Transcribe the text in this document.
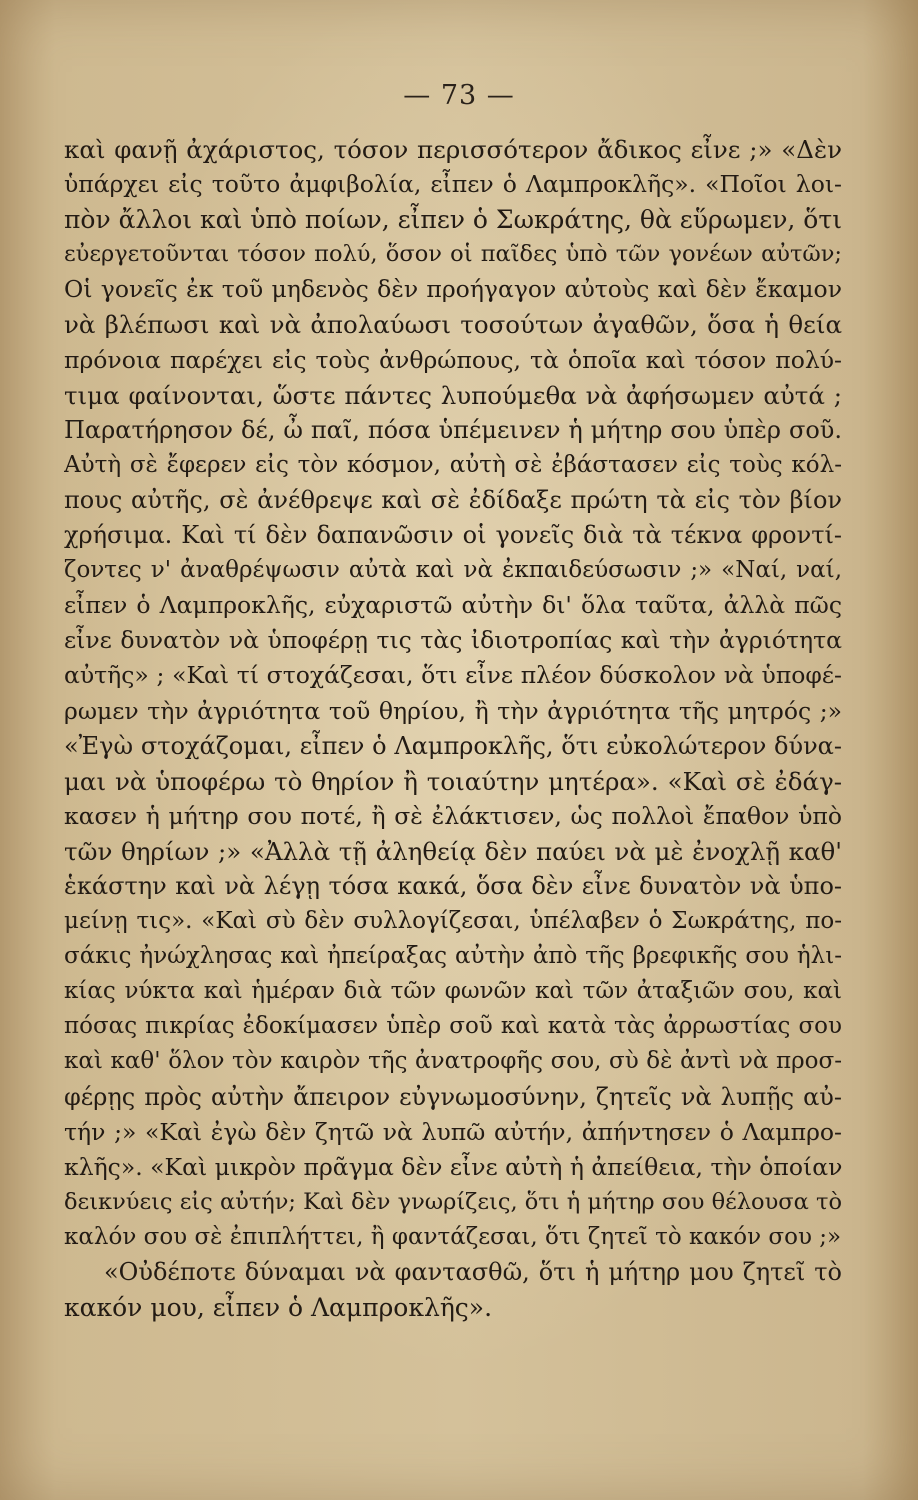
— 73 —
καὶ φανῇ ἀχάριστος, τόσον περισσότερον ἄδικος εἶνε ;» «Δὲν
ὑπάρχει εἰς τοῦτο ἀμφιβολία, εἶπεν ὁ Λαμπροκλῆς». «Ποῖοι λοι-
πὸν ἄλλοι καὶ ὑπὸ ποίων, εἶπεν ὁ Σωκράτης, θὰ εὕρωμεν, ὅτι
εὐεργετοῦνται τόσον πολύ, ὅσον οἱ παῖδες ὑπὸ τῶν γονέων αὐτῶν;
Οἱ γονεῖς ἐκ τοῦ μηδενὸς δὲν προήγαγον αὐτοὺς καὶ δὲν ἔκαμον
νὰ βλέπωσι καὶ νὰ ἀπολαύωσι τοσούτων ἀγαθῶν, ὅσα ἡ θεία
πρόνοια παρέχει εἰς τοὺς ἀνθρώπους, τὰ ὁποῖα καὶ τόσον πολύ-
τιμα φαίνονται, ὥστε πάντες λυπούμεθα νὰ ἀφήσωμεν αὐτά ;
Παρατήρησον δέ, ὦ παῖ, πόσα ὑπέμεινεν ἡ μήτηρ σου ὑπὲρ σοῦ.
Αὐτὴ σὲ ἔφερεν εἰς τὸν κόσμον, αὐτὴ σὲ ἐβάστασεν εἰς τοὺς κόλ-
πους αὐτῆς, σὲ ἀνέθρεψε καὶ σὲ ἐδίδαξε πρώτη τὰ εἰς τὸν βίον
χρήσιμα. Καὶ τί δὲν δαπανῶσιν οἱ γονεῖς διὰ τὰ τέκνα φροντί-
ζοντες ν' ἀναθρέψωσιν αὐτὰ καὶ νὰ ἐκπαιδεύσωσιν ;» «Ναί, ναί,
εἶπεν ὁ Λαμπροκλῆς, εὐχαριστῶ αὐτὴν δι' ὅλα ταῦτα, ἀλλὰ πῶς
εἶνε δυνατὸν νὰ ὑποφέρῃ τις τὰς ἰδιοτροπίας καὶ τὴν ἀγριότητα
αὐτῆς» ; «Καὶ τί στοχάζεσαι, ὅτι εἶνε πλέον δύσκολον νὰ ὑποφέ-
ρωμεν τὴν ἀγριότητα τοῦ θηρίου, ἢ τὴν ἀγριότητα τῆς μητρός ;»
«Ἐγὼ στοχάζομαι, εἶπεν ὁ Λαμπροκλῆς, ὅτι εὐκολώτερον δύνα-
μαι νὰ ὑποφέρω τὸ θηρίον ἢ τοιαύτην μητέρα». «Καὶ σὲ ἐδάγ-
κασεν ἡ μήτηρ σου ποτέ, ἢ σὲ ἐλάκτισεν, ὡς πολλοὶ ἔπαθον ὑπὸ
τῶν θηρίων ;» «Ἀλλὰ τῇ ἀληθείᾳ δὲν παύει νὰ μὲ ἐνοχλῇ καθ'
ἑκάστην καὶ νὰ λέγῃ τόσα κακά, ὅσα δὲν εἶνε δυνατὸν νὰ ὑπο-
μείνῃ τις». «Καὶ σὺ δὲν συλλογίζεσαι, ὑπέλαβεν ὁ Σωκράτης, πο-
σάκις ἠνώχλησας καὶ ἠπείραξας αὐτὴν ἀπὸ τῆς βρεφικῆς σου ἡλι-
κίας νύκτα καὶ ἡμέραν διὰ τῶν φωνῶν καὶ τῶν ἀταξιῶν σου, καὶ
πόσας πικρίας ἐδοκίμασεν ὑπὲρ σοῦ καὶ κατὰ τὰς ἀρρωστίας σου
καὶ καθ' ὅλον τὸν καιρὸν τῆς ἀνατροφῆς σου, σὺ δὲ ἀντὶ νὰ προσ-
φέρῃς πρὸς αὐτὴν ἄπειρον εὐγνωμοσύνην, ζητεῖς νὰ λυπῇς αὐ-
τήν ;» «Καὶ ἐγὼ δὲν ζητῶ νὰ λυπῶ αὐτήν, ἀπήντησεν ὁ Λαμπρο-
κλῆς». «Καὶ μικρὸν πρᾶγμα δὲν εἶνε αὐτὴ ἡ ἀπείθεια, τὴν ὁποίαν
δεικνύεις εἰς αὐτήν; Καὶ δὲν γνωρίζεις, ὅτι ἡ μήτηρ σου θέλουσα τὸ
καλόν σου σὲ ἐπιπλήττει, ἢ φαντάζεσαι, ὅτι ζητεῖ τὸ κακόν σου ;»
«Οὐδέποτε δύναμαι νὰ φαντασθῶ, ὅτι ἡ μήτηρ μου ζητεῖ τὸ
κακόν μου, εἶπεν ὁ Λαμπροκλῆς».
